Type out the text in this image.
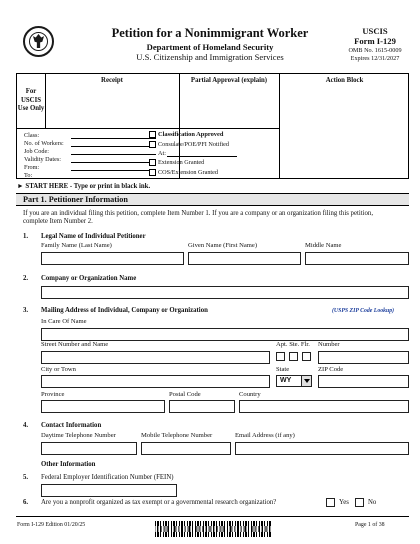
Petition for a Nonimmigrant Worker
Department of Homeland Security
U.S. Citizenship and Immigration Services
USCIS
Form I-129
OMB No. 1615-0009
Expires 12/31/2027
For USCIS Use Only
Receipt	Partial Approval (explain)	Action Block
Class:
No. of Workers:
Job Code:
Validity Dates:
From:
To:
Classification Approved
Consulate/POE/PFI Notified
At:
Extension Granted
COS/Extension Granted
► START HERE - Type or print in black ink.
Part 1. Petitioner Information
If you are an individual filing this petition, complete Item Number 1. If you are a company or an organization filing this petition,
complete Item Number 2.
1. Legal Name of Individual Petitioner
Family Name (Last Name)	Given Name (First Name)	Middle Name
2. Company or Organization Name
3. Mailing Address of Individual, Company or Organization	(USPS ZIP Code Lookup)
In Care Of Name
Street Number and Name	Apt. Ste. Flr. Number
City or Town	State	ZIP Code
WY
Province	Postal Code	Country
4. Contact Information
Daytime Telephone Number	Mobile Telephone Number	Email Address (if any)
Other Information
5. Federal Employer Identification Number (FEIN)
6. Are you a nonprofit organized as tax exempt or a governmental research organization?	Yes	No
Form I-129 Edition 01/20/25	Page 1 of 38
